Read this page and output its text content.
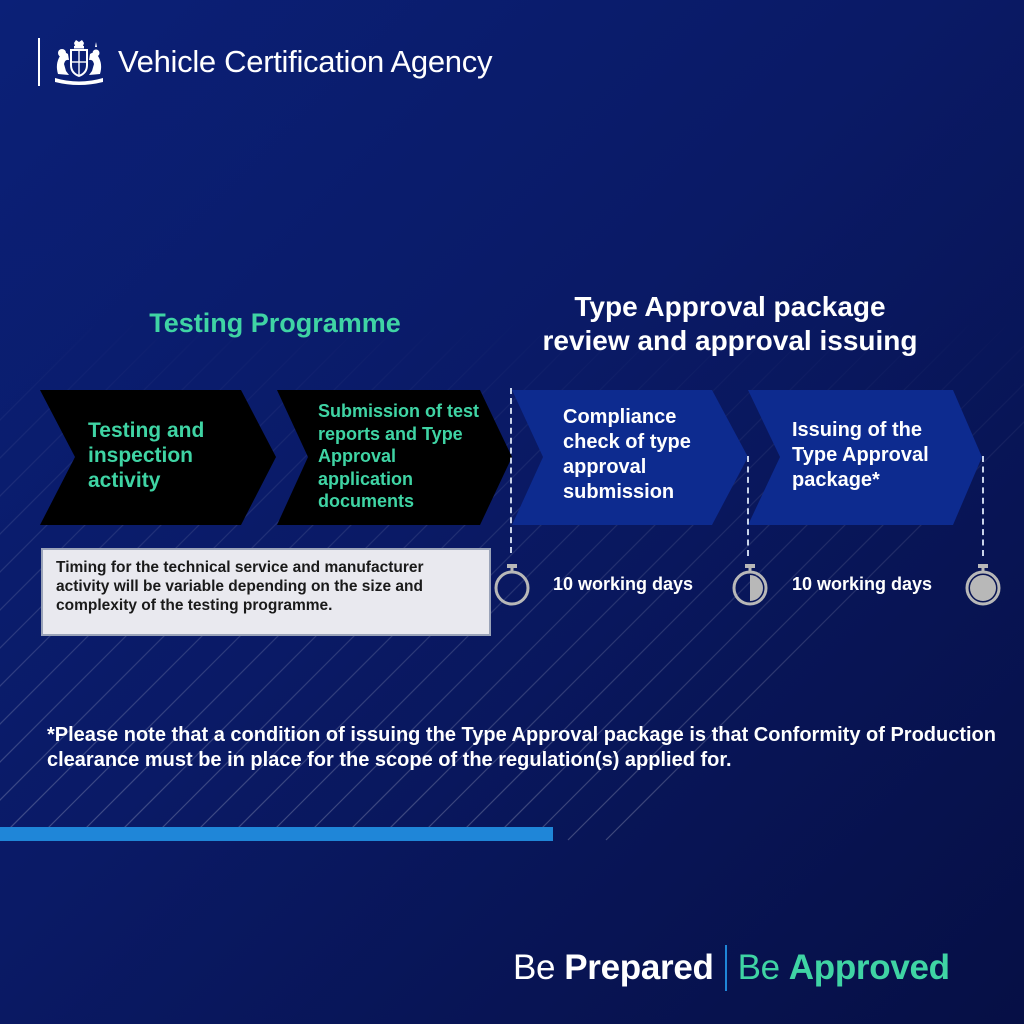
Vehicle Certification Agency
Testing Programme
Type Approval package
review and approval issuing
Testing and inspection activity
Submission of test reports and Type Approval application documents
Compliance check of type approval submission
Issuing of the Type Approval package*
Timing for the technical service and manufacturer activity will be variable depending on the size and complexity of the testing programme.
10 working days	10 working days
*Please note that a condition of issuing the Type Approval package is that Conformity of Production clearance must be in place for the scope of the regulation(s) applied for.
Be Prepared Be Approved
